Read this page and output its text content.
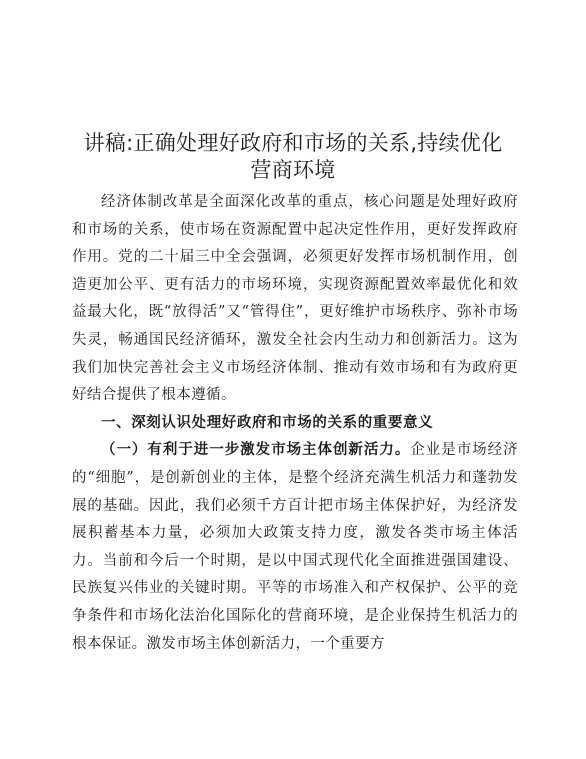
讲稿:正确处理好政府和市场的关系,持续优化
营商环境

经济体制改革是全面深化改革的重点，核心问题是处理好政府和市场的关系，使市场在资源配置中起决定性作用，更好发挥政府作用。党的二十届三中全会强调，必须更好发挥市场机制作用，创造更加公平、更有活力的市场环境，实现资源配置效率最优化和效益最大化，既“放得活”又“管得住”，更好维护市场秩序、弥补市场失灵，畅通国民经济循环，激发全社会内生动力和创新活力。这为我们加快完善社会主义市场经济体制、推动有效市场和有为政府更好结合提供了根本遵循。

一、深刻认识处理好政府和市场的关系的重要意义

（一）有利于进一步激发市场主体创新活力。企业是市场经济的“细胞”，是创新创业的主体，是整个经济充满生机活力和蓬勃发展的基础。因此，我们必须千方百计把市场主体保护好，为经济发展积蓄基本力量，必须加大政策支持力度，激发各类市场主体活力。当前和今后一个时期，是以中国式现代化全面推进强国建设、民族复兴伟业的关键时期。平等的市场准入和产权保护、公平的竞争条件和市场化法治化国际化的营商环境，是企业保持生机活力的根本保证。激发市场主体创新活力，一个重要方
